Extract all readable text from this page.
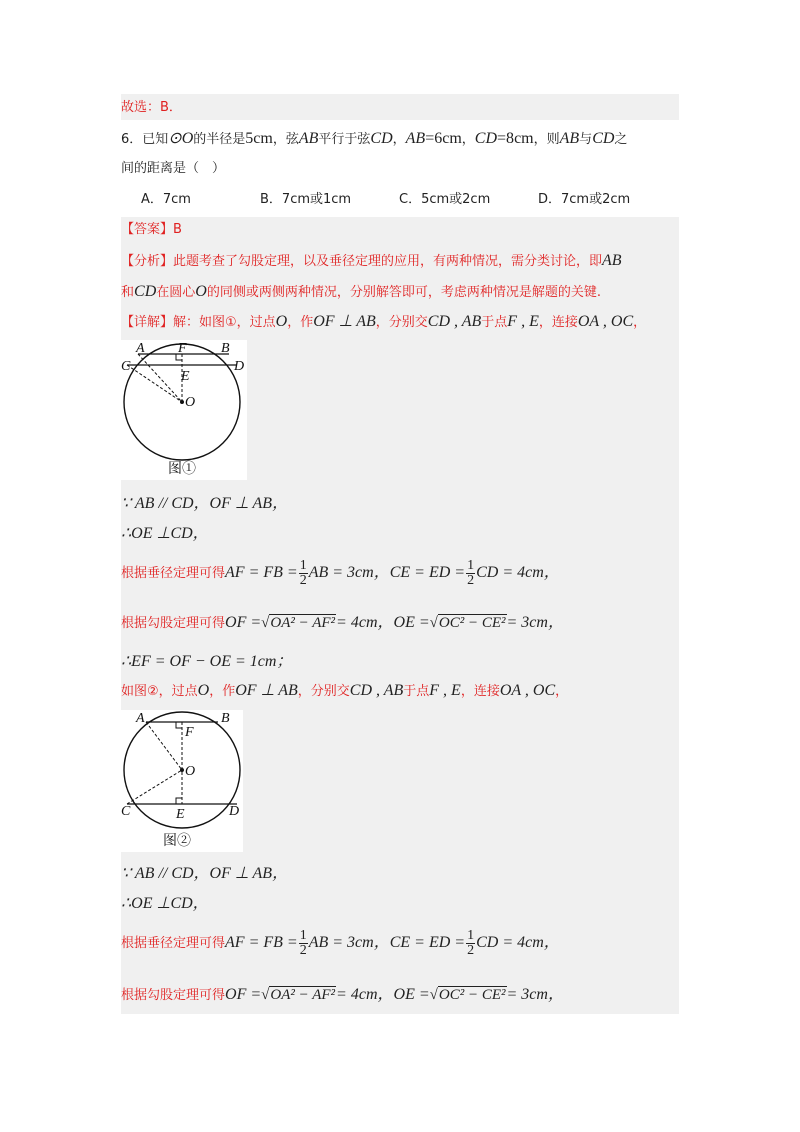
故选：B．
6．已知⊙O的半径是5cm，弦AB平行于弦CD，AB=6cm，CD=8cm，则AB与CD之
间的距离是（　）
A．7cm	B．7cm或1cm	C．5cm或2cm	D．7cm或2cm
【答案】B
【分析】此题考查了勾股定理，以及垂径定理的应用，有两种情况，需分类讨论，即AB
和CD在圆心O的同侧或两侧两种情况，分别解答即可，考虑两种情况是解题的关键.
【详解】解：如图①，过点O，作OF ⊥ AB，分别交CD , AB于点F , E，连接OA , OC，
A F B
C	D
E
O
图①
∵ AB // CD，OF ⊥ AB，
∴OE ⊥CD，
根据垂径定理可得AF = FB = $\frac{1}{2}$ AB = 3cm，CE = ED = $\frac{1}{2}$ CD = 4cm，
根据勾股定理可得OF =√OA² − AF²= 4cm，OE =√OC² − CE²= 3cm，
∴EF = OF − OE = 1cm；
如图②，过点O，作OF ⊥ AB，分别交CD , AB于点F , E，连接OA , OC，
A	B
F
O
C	E	D
图②
∵ AB // CD，OF ⊥ AB，
∴OE ⊥CD，
根据垂径定理可得AF = FB = $\frac{1}{2}$ AB = 3cm，CE = ED = $\frac{1}{2}$ CD = 4cm，
根据勾股定理可得OF =√OA² − AF²= 4cm，OE =√OC² − CE²= 3cm，
